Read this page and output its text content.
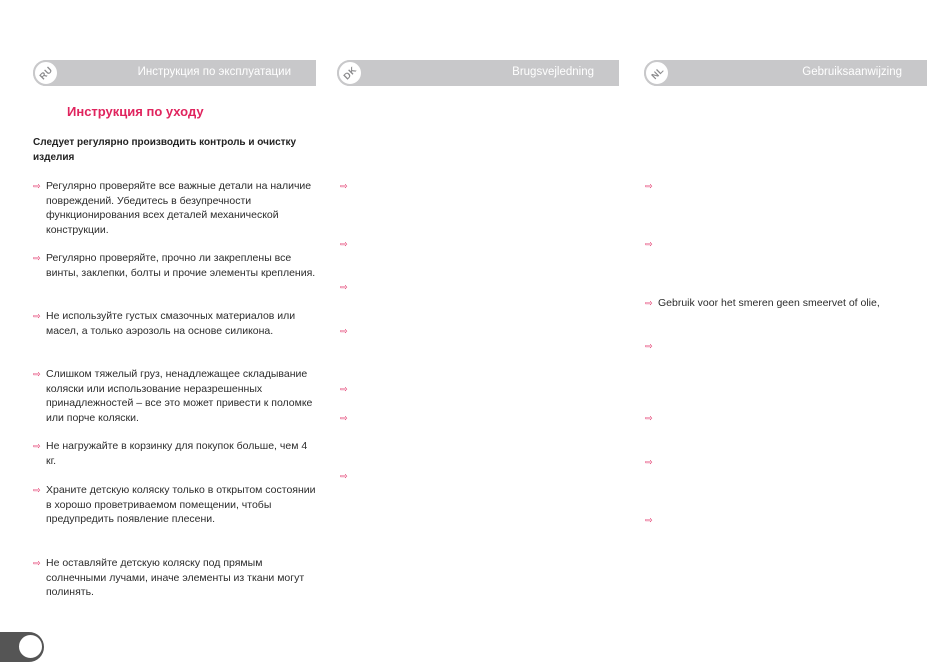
RU	Инструкция по эксплуатации	DK	Brugsvejledning	NL	Gebruiksaanwijzing
Инструкция по уходу
Следует регулярно производить контроль и очистку изделия
⇨ Регулярно проверяйте все важные детали на наличие повреждений. Убедитесь в безупречности функционирования всех деталей механической конструкции.
⇨ Регулярно проверяйте, прочно ли закреплены все винты, заклепки, болты и прочие элементы крепления.
⇨ Не используйте густых смазочных материалов или масел, а только аэрозоль на основе силикона.
⇨ Слишком тяжелый груз, ненадлежащее складывание коляски или использование неразрешенных принадлежностей – все это может привести к поломке или порче коляски.
⇨ Не нагружайте в корзинку для покупок больше, чем 4 кг.
⇨ Храните детскую коляску только в открытом состоянии в хорошо проветриваемом помещении, чтобы предупредить появление плесени.
⇨ Не оставляйте детскую коляску под прямым солнечными лучами, иначе элементы из ткани могут полинять.
⇨
⇨
⇨
⇨
⇨
⇨
⇨
⇨
⇨
⇨ Gebruik voor het smeren geen smeervet of olie,
⇨
⇨
⇨
⇨
